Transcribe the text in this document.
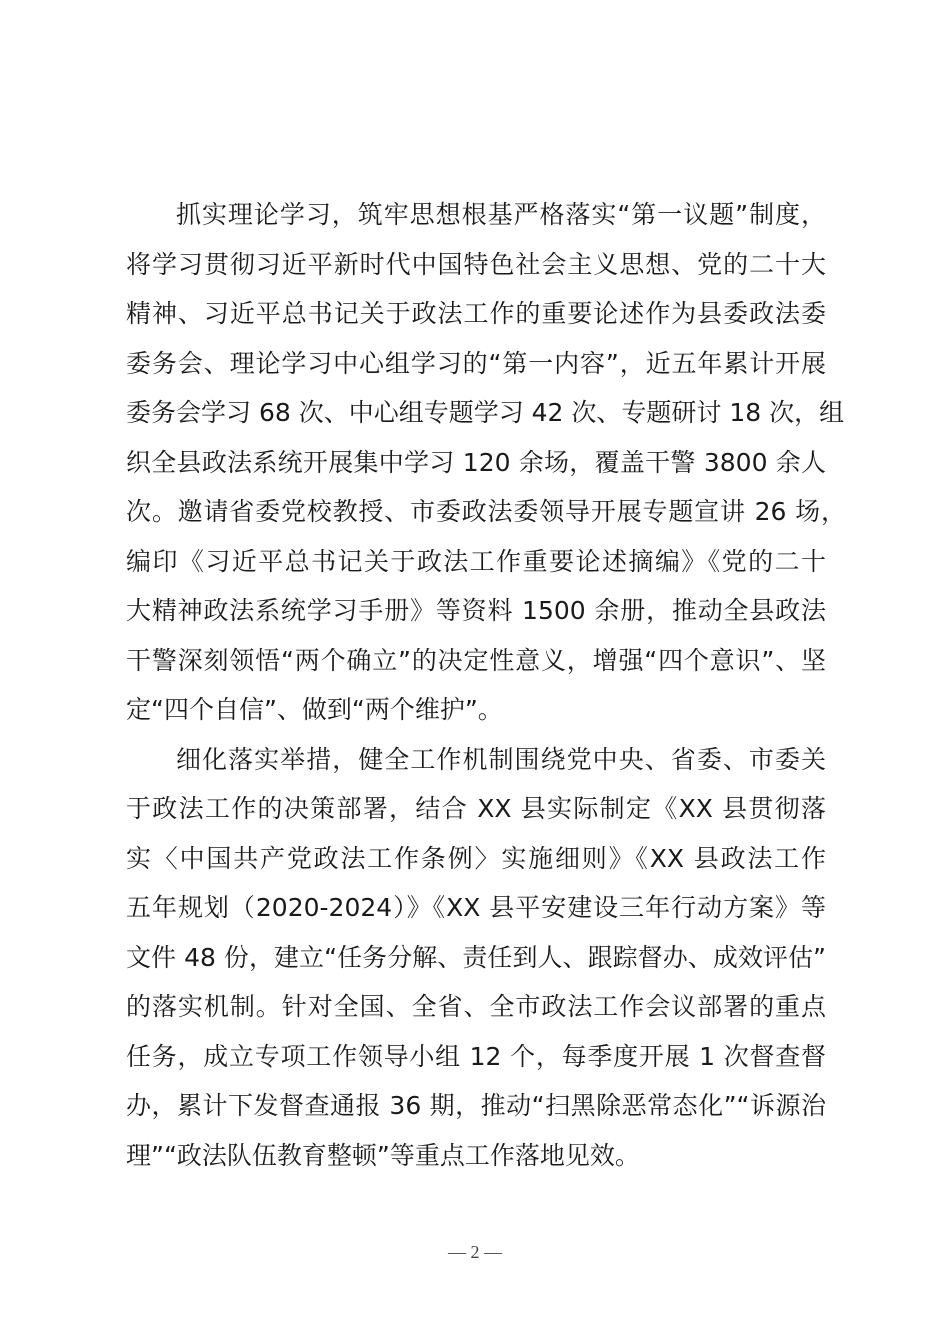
抓实理论学习，筑牢思想根基严格落实“第一议题”制度，
将学习贯彻习近平新时代中国特色社会主义思想、党的二十大
精神、习近平总书记关于政法工作的重要论述作为县委政法委
委务会、理论学习中心组学习的“第一内容”，近五年累计开展
委务会学习 68 次、中心组专题学习 42 次、专题研讨 18 次，组
织全县政法系统开展集中学习 120 余场，覆盖干警 3800 余人
次。邀请省委党校教授、市委政法委领导开展专题宣讲 26 场，
编印《习近平总书记关于政法工作重要论述摘编》《党的二十
大精神政法系统学习手册》等资料 1500 余册，推动全县政法
干警深刻领悟“两个确立”的决定性意义，增强“四个意识”、坚
定“四个自信”、做到“两个维护”。
细化落实举措，健全工作机制围绕党中央、省委、市委关
于政法工作的决策部署，结合 XX 县实际制定《XX 县贯彻落
实〈中国共产党政法工作条例〉实施细则》《XX 县政法工作
五年规划（2020-2024）》《XX 县平安建设三年行动方案》等
文件 48 份，建立“任务分解、责任到人、跟踪督办、成效评估”
的落实机制。针对全国、全省、全市政法工作会议部署的重点
任务，成立专项工作领导小组 12 个，每季度开展 1 次督查督
办，累计下发督查通报 36 期，推动“扫黑除恶常态化”“诉源治
理”“政法队伍教育整顿”等重点工作落地见效。
— 2 —
